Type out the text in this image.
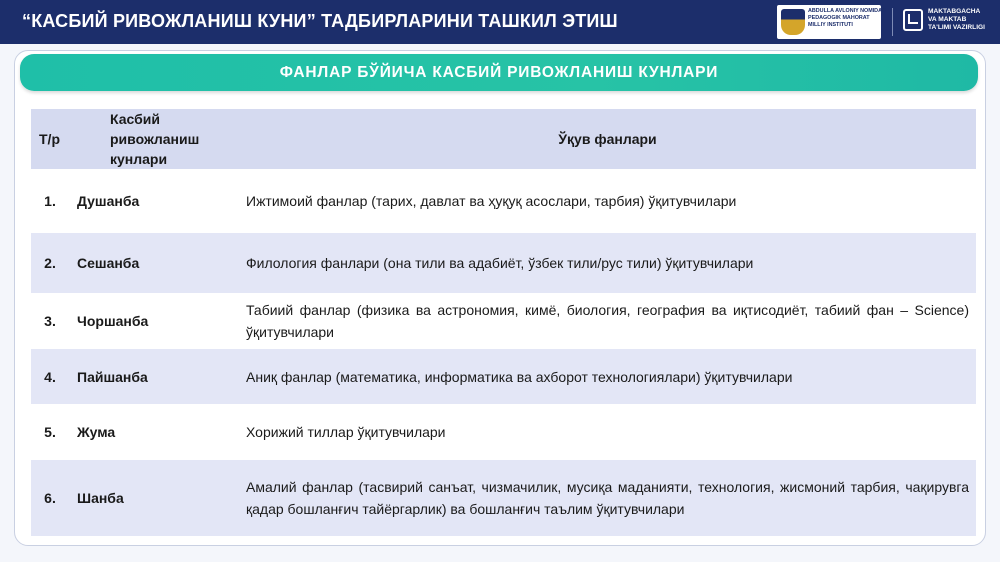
“КАСБИЙ РИВОЖЛАНИШ КУНИ” ТАДБИРЛАРИНИ ТАШКИЛ ЭТИШ	ABDULLA AVLONIY NOMIDAGI
PEDAGOGIK MAHORAT
MILLIY INSTITUTI
MAKTABGACHA
VA MAKTAB
TA'LIMI VAZIRLIGI
ФАНЛАР БЎЙИЧА КАСБИЙ РИВОЖЛАНИШ КУНЛАРИ
Т/р	Касбий ривожланиш кунлари	Ўқув фанлари
1.	Душанба	Ижтимоий фанлар (тарих, давлат ва ҳуқуқ асослари, тарбия) ўқитувчилари
2.	Сешанба	Филология фанлари (она тили ва адабиёт, ўзбек тили/рус тили) ўқитувчилари
3.	Чоршанба	Табиий фанлар (физика ва астрономия, кимё, биология, география ва иқтисодиёт, табиий фан – Science) ўқитувчилари
4.	Пайшанба	Аниқ фанлар (математика, информатика ва ахборот технологиялари) ўқитувчилари
5.	Жума	Хорижий тиллар ўқитувчилари
6.	Шанба	Амалий фанлар (тасвирий санъат, чизмачилик, мусиқа маданияти, технология, жисмоний тарбия, чақирувга қадар бошланғич тайёргарлик) ва бошланғич таълим ўқитувчилари
